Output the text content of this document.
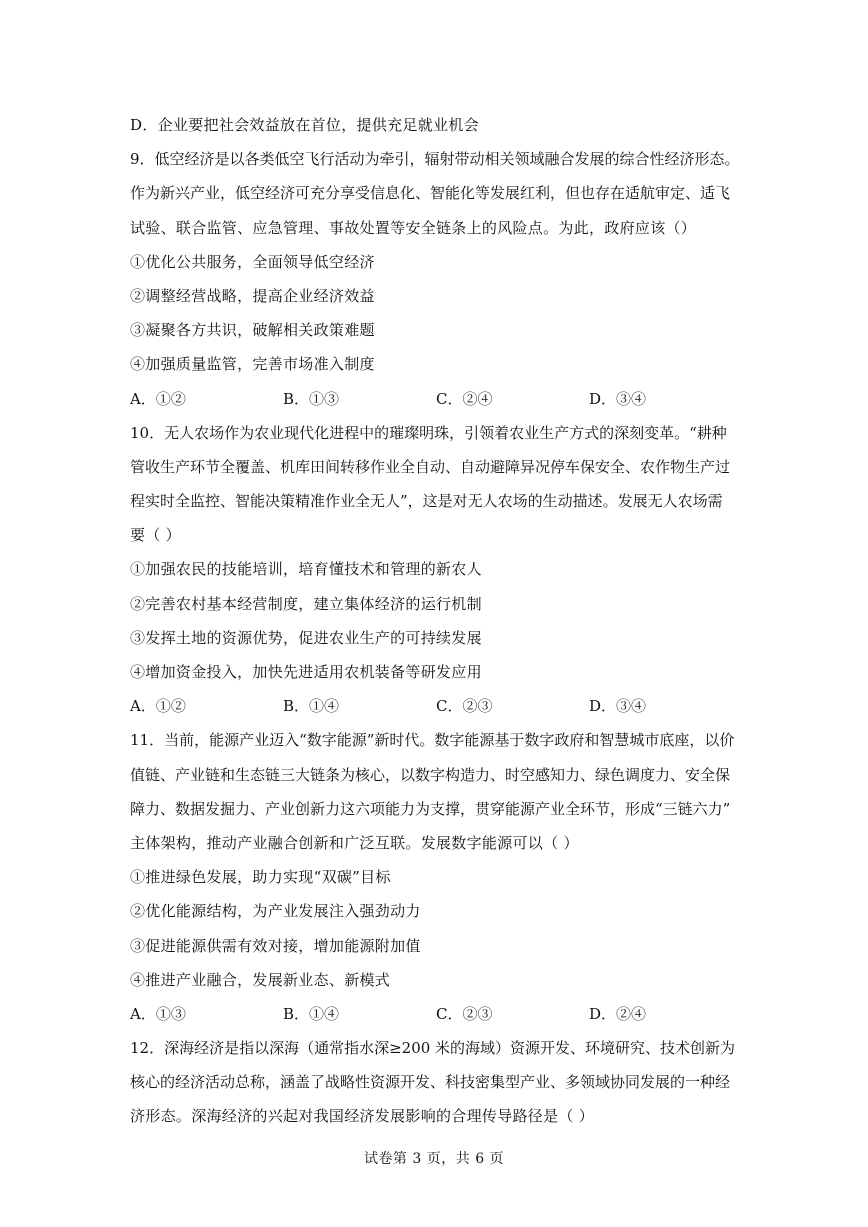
D．企业要把社会效益放在首位，提供充足就业机会
9．低空经济是以各类低空飞行活动为牵引，辐射带动相关领域融合发展的综合性经济形态。
作为新兴产业，低空经济可充分享受信息化、智能化等发展红利，但也存在适航审定、适飞
试验、联合监管、应急管理、事故处置等安全链条上的风险点。为此，政府应该（）
①优化公共服务，全面领导低空经济
②调整经营战略，提高企业经济效益
③凝聚各方共识，破解相关政策难题
④加强质量监管，完善市场准入制度
A．①②	B．①③	C．②④	D．③④
10．无人农场作为农业现代化进程中的璀璨明珠，引领着农业生产方式的深刻变革。“耕种
管收生产环节全覆盖、机库田间转移作业全自动、自动避障异况停车保安全、农作物生产过
程实时全监控、智能决策精准作业全无人”，这是对无人农场的生动描述。发展无人农场需
要（ ）
①加强农民的技能培训，培育懂技术和管理的新农人
②完善农村基本经营制度，建立集体经济的运行机制
③发挥土地的资源优势，促进农业生产的可持续发展
④增加资金投入，加快先进适用农机装备等研发应用
A．①②	B．①④	C．②③	D．③④
11．当前，能源产业迈入“数字能源”新时代。数字能源基于数字政府和智慧城市底座，以价
值链、产业链和生态链三大链条为核心，以数字构造力、时空感知力、绿色调度力、安全保
障力、数据发掘力、产业创新力这六项能力为支撑，贯穿能源产业全环节，形成“三链六力”
主体架构，推动产业融合创新和广泛互联。发展数字能源可以（ ）
①推进绿色发展，助力实现“双碳”目标
②优化能源结构，为产业发展注入强劲动力
③促进能源供需有效对接，增加能源附加值
④推进产业融合，发展新业态、新模式
A．①③	B．①④	C．②③	D．②④
12．深海经济是指以深海（通常指水深≥200 米的海域）资源开发、环境研究、技术创新为
核心的经济活动总称，涵盖了战略性资源开发、科技密集型产业、多领域协同发展的一种经
济形态。深海经济的兴起对我国经济发展影响的合理传导路径是（ ）
试卷第 3 页，共 6 页
